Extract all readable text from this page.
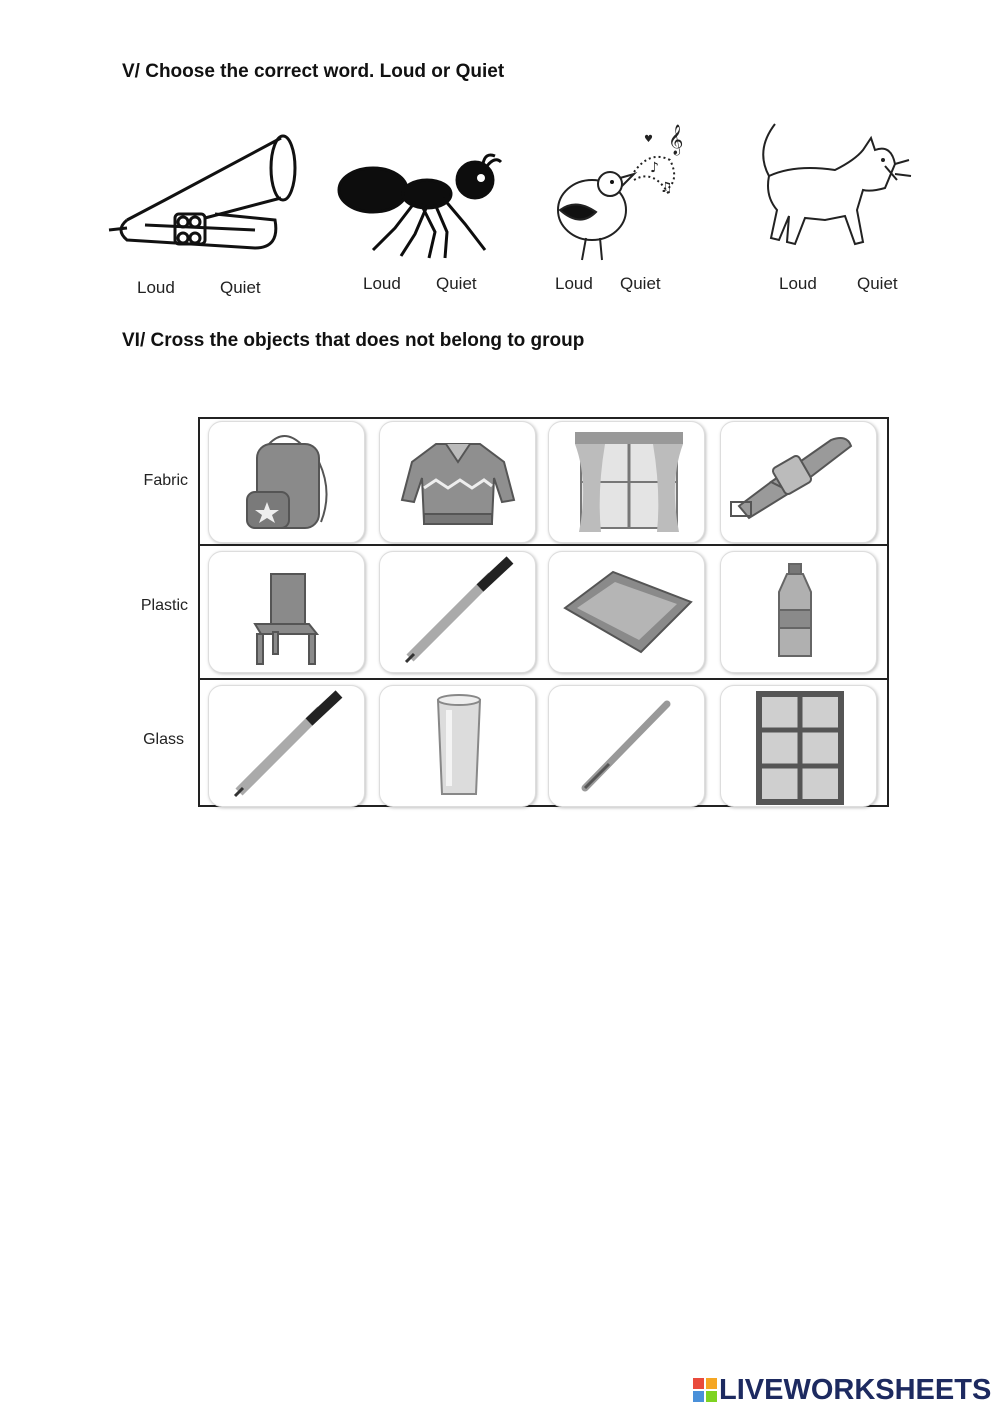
V/ Choose the correct word. Loud or Quiet
Loud	Quiet	Loud Quiet
𝄞
♪
♫
♥
Loud Quiet	Loud Quiet
VI/ Cross the objects that does not belong to group
Fabric
Plastic
Glass
LIVEWORKSHEETS
